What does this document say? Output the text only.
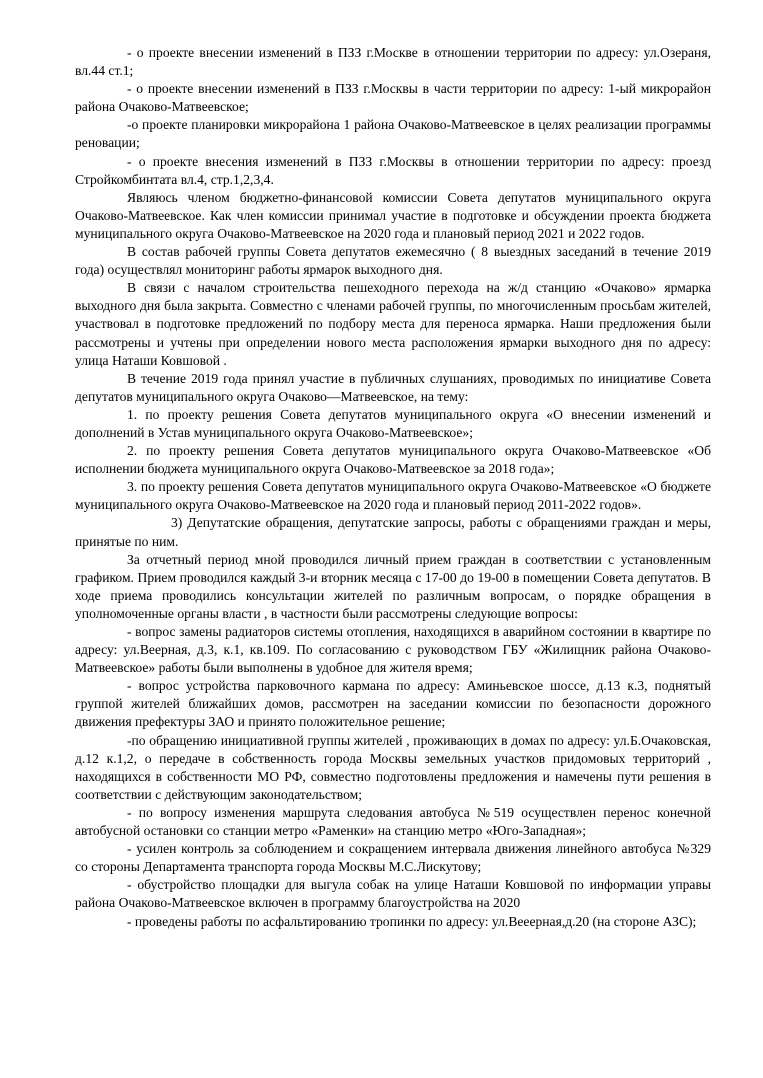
- о проекте внесении изменений в ПЗЗ г.Москве в отношении территории по адресу: ул.Озераня, вл.44 ст.1;

- о проекте внесении изменений в ПЗЗ г.Москвы в части территории по адресу: 1-ый микрорайон района Очаково-Матвеевское;

-о проекте планировки микрорайона 1 района Очаково-Матвеевское в целях реализации программы реновации;

- о проекте внесения изменений в ПЗЗ г.Москвы в отношении территории по адресу: проезд Стройкомбинтата вл.4, стр.1,2,3,4.

Являюсь членом бюджетно-финансовой комиссии Совета депутатов муниципального округа Очаково-Матвеевское. Как член комиссии принимал участие в подготовке и обсуждении проекта бюджета муниципального округа Очаково-Матвеевское на 2020 года и плановый период 2021 и 2022 годов.

В состав рабочей группы Совета депутатов ежемесячно ( 8 выездных заседаний в течение 2019 года) осуществлял мониторинг работы ярмарок выходного дня.

В связи с началом строительства пешеходного перехода на ж/д станцию «Очаково» ярмарка выходного дня была закрыта. Совместно с членами рабочей группы, по многочисленным просьбам жителей, участвовал в подготовке предложений по подбору места для переноса ярмарка. Наши предложения были рассмотрены и учтены при определении нового места расположения ярмарки выходного дня по адресу: улица Наташи Ковшовой .

В течение 2019 года принял участие в публичных слушаниях, проводимых по инициативе Совета депутатов муниципального округа Очаково—Матвеевское, на тему:

1. по проекту решения Совета депутатов муниципального округа «О внесении изменений и дополнений в Устав муниципального округа Очаково-Матвеевское»;

2. по проекту решения Совета депутатов муниципального округа Очаково-Матвеевское «Об исполнении бюджета муниципального округа Очаково-Матвеевское за 2018 года»;

3. по проекту решения Совета депутатов муниципального округа Очаково-Матвеевское «О бюджете муниципального округа Очаково-Матвеевское на 2020 года и плановый период 2011-2022 годов».

3) Депутатские обращения, депутатские запросы, работы с обращениями граждан и меры, принятые по ним.

За отчетный период мной проводился личный прием граждан в соответствии с установленным графиком. Прием проводился каждый 3-и вторник месяца с 17-00 до 19-00 в помещении Совета депутатов. В ходе приема проводились консультации жителей по различным вопросам, о порядке обращения в уполномоченные органы власти , в частности были рассмотрены следующие вопросы:

- вопрос замены радиаторов системы отопления, находящихся в аварийном состоянии в квартире по адресу: ул.Веерная, д.3, к.1, кв.109. По согласованию с руководством ГБУ «Жилищник района Очаково-Матвеевское» работы были выполнены в удобное для жителя время;

- вопрос устройства парковочного кармана по адресу: Аминьевское шоссе, д.13 к.3, поднятый группой жителей ближайших домов, рассмотрен на заседании комиссии по безопасности дорожного движения префектуры ЗАО и принято положительное решение;

-по обращению инициативной группы жителей , проживающих в домах по адресу: ул.Б.Очаковская, д.12 к.1,2, о передаче в собственность города Москвы земельных участков придомовых территорий , находящихся в собственности МО РФ, совместно подготовлены предложения и намечены пути решения в соответствии с действующим законодательством;

- по вопросу изменения маршрута следования автобуса №519 осуществлен перенос конечной автобусной остановки со станции метро «Раменки» на станцию метро «Юго-Западная»;

- усилен контроль за соблюдением и сокращением интервала движения линейного автобуса №329 со стороны Департамента транспорта города Москвы М.С.Лискутову;

- обустройство площадки для выгула собак на улице Наташи Ковшовой по информации управы района Очаково-Матвеевское включен в программу благоустройства на 2020

- проведены работы по асфальтированию тропинки по адресу: ул.Вееерная,д.20 (на стороне АЗС);
